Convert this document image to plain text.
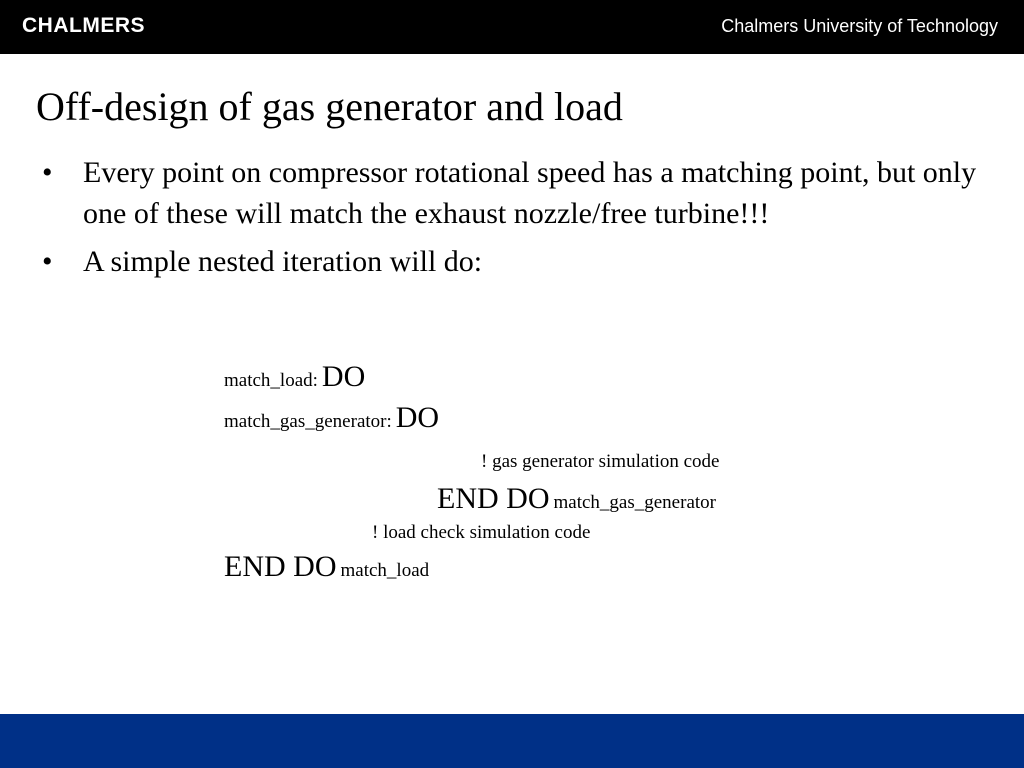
CHALMERS	Chalmers University of Technology
Off-design of gas generator and load
• Every point on compressor rotational speed has a matching point, but only one of these will match the exhaust nozzle/free turbine!!!
• A simple nested iteration will do:
match_load: DO
match_gas_generator: DO
! gas generator simulation code
END DO match_gas_generator
! load check simulation code
END DO match_load
